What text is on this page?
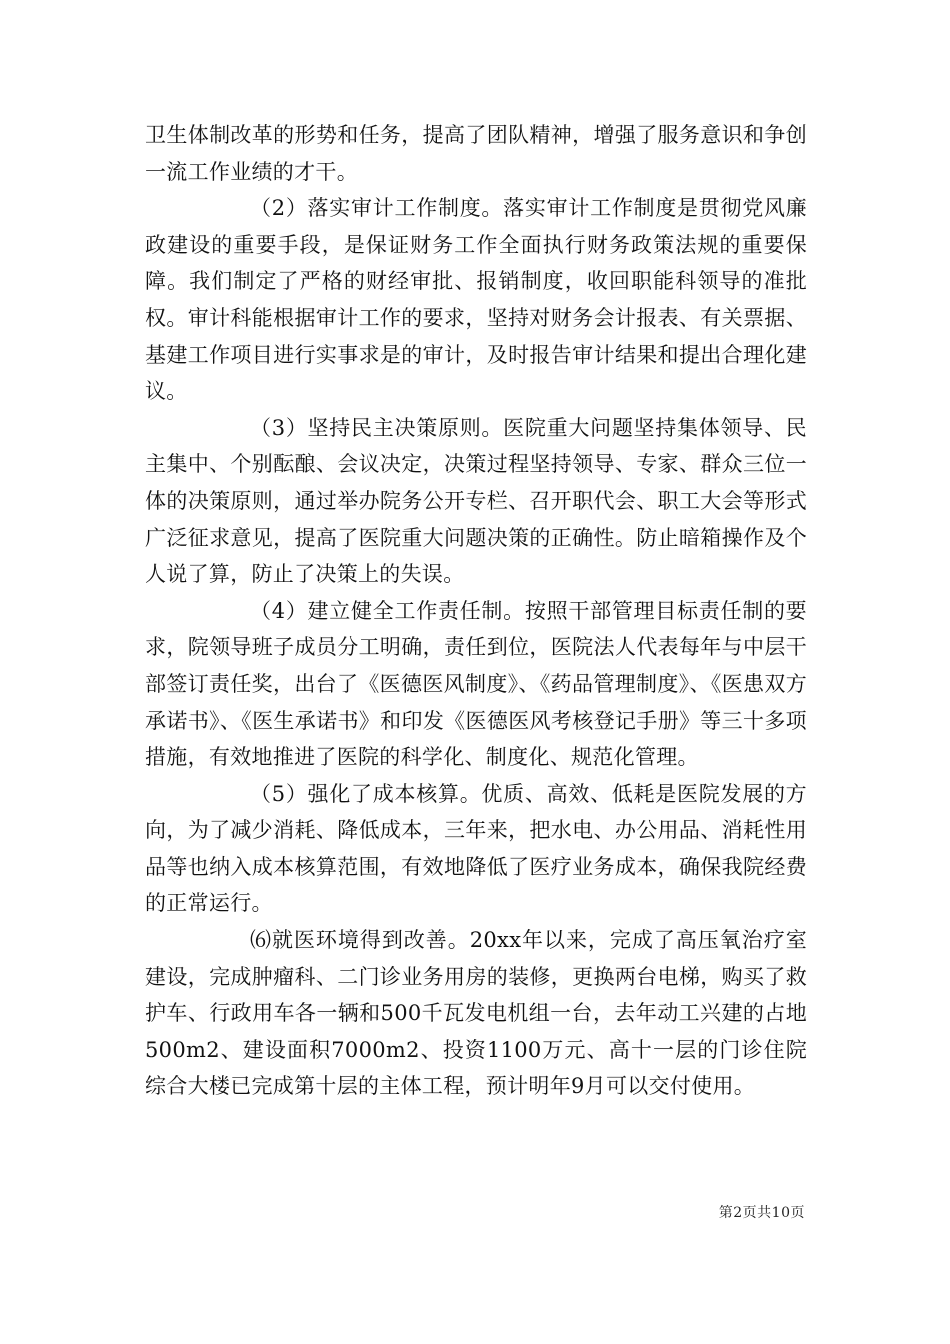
卫生体制改革的形势和任务，提高了团队精神，增强了服务意识和争创一流工作业绩的才干。

（2）落实审计工作制度。落实审计工作制度是贯彻党风廉政建设的重要手段，是保证财务工作全面执行财务政策法规的重要保障。我们制定了严格的财经审批、报销制度，收回职能科领导的准批权。审计科能根据审计工作的要求，坚持对财务会计报表、有关票据、基建工作项目进行实事求是的审计，及时报告审计结果和提出合理化建议。

（3）坚持民主决策原则。医院重大问题坚持集体领导、民主集中、个别酝酿、会议决定，决策过程坚持领导、专家、群众三位一体的决策原则，通过举办院务公开专栏、召开职代会、职工大会等形式广泛征求意见，提高了医院重大问题决策的正确性。防止暗箱操作及个人说了算，防止了决策上的失误。

（4）建立健全工作责任制。按照干部管理目标责任制的要求，院领导班子成员分工明确，责任到位，医院法人代表每年与中层干部签订责任奖，出台了《医德医风制度》、《药品管理制度》、《医患双方承诺书》、《医生承诺书》和印发《医德医风考核登记手册》等三十多项措施，有效地推进了医院的科学化、制度化、规范化管理。

（5）强化了成本核算。优质、高效、低耗是医院发展的方向，为了减少消耗、降低成本，三年来，把水电、办公用品、消耗性用品等也纳入成本核算范围，有效地降低了医疗业务成本，确保我院经费的正常运行。

⑹就医环境得到改善。20xx年以来，完成了高压氧治疗室建设，完成肿瘤科、二门诊业务用房的装修，更换两台电梯，购买了救护车、行政用车各一辆和500千瓦发电机组一台，去年动工兴建的占地500m2、建设面积7000m2、投资1100万元、高十一层的门诊住院综合大楼已完成第十层的主体工程，预计明年9月可以交付使用。

第2页共10页
